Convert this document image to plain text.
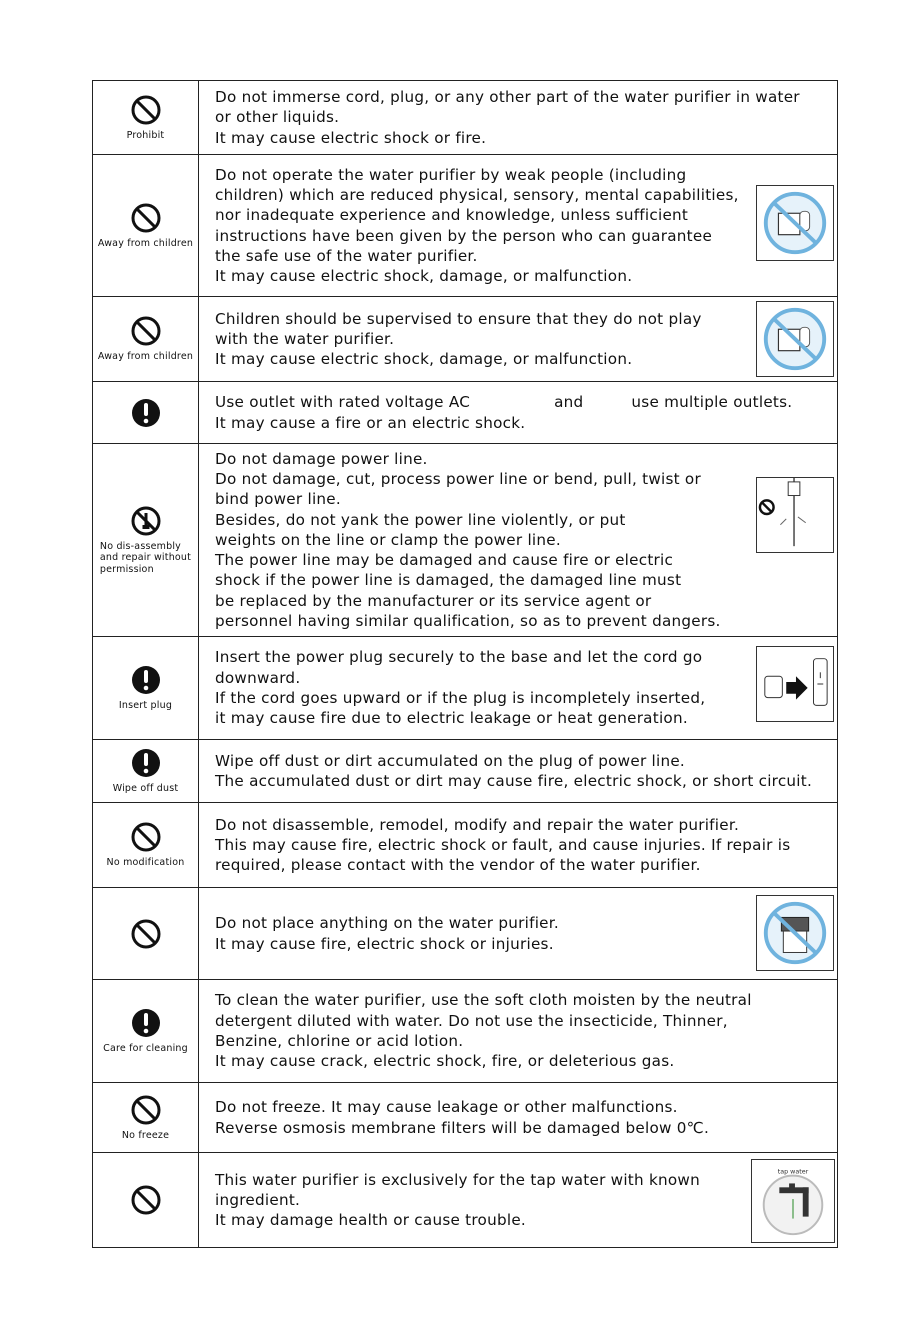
Prohibit
Do not immerse cord, plug, or any other part of the water purifier in water
or other liquids.
It may cause electric shock or fire.
Away from children
Do not operate the water purifier by weak people (including
children) which are reduced physical, sensory, mental capabilities,
nor inadequate experience and knowledge, unless sufficient
instructions have been given by the person who can guarantee
the safe use of the water purifier.
It may cause electric shock, damage, or malfunction.
Away from children
Children should be supervised to ensure that they do not play
with the water purifier.
It may cause electric shock, damage, or malfunction.
Use outlet with rated voltage AC	and	use multiple outlets.
It may cause a fire or an electric shock.
No dis-assembly
and repair without
permission
Do not damage power line.
Do not damage, cut, process power line or bend, pull, twist or
bind power line.
Besides, do not yank the power line violently, or put
weights on the line or clamp the power line.
The power line may be damaged and cause fire or electric
shock if the power line is damaged, the damaged line must
be replaced by the manufacturer or its service agent or
personnel having similar qualification, so as to prevent dangers.
Insert plug
Insert the power plug securely to the base and let the cord go
downward.
If the cord goes upward or if the plug is incompletely inserted,
it may cause fire due to electric leakage or heat generation.
Wipe off dust
Wipe off dust or dirt accumulated on the plug of power line.
The accumulated dust or dirt may cause fire, electric shock, or short circuit.
No modification
Do not disassemble, remodel, modify and repair the water purifier.
This may cause fire, electric shock or fault, and cause injuries. If repair is
required, please contact with the vendor of the water purifier.
Do not place anything on the water purifier.
It may cause fire, electric shock or injuries.
Care for cleaning
To clean the water purifier, use the soft cloth moisten by the neutral
detergent diluted with water. Do not use the insecticide, Thinner,
Benzine, chlorine or acid lotion.
It may cause crack, electric shock, fire, or deleterious gas.
No freeze
Do not freeze. It may cause leakage or other malfunctions.
Reverse osmosis membrane filters will be damaged below 0℃.
This water purifier is exclusively for the tap water with known
ingredient.
It may damage health or cause trouble.
tap water
